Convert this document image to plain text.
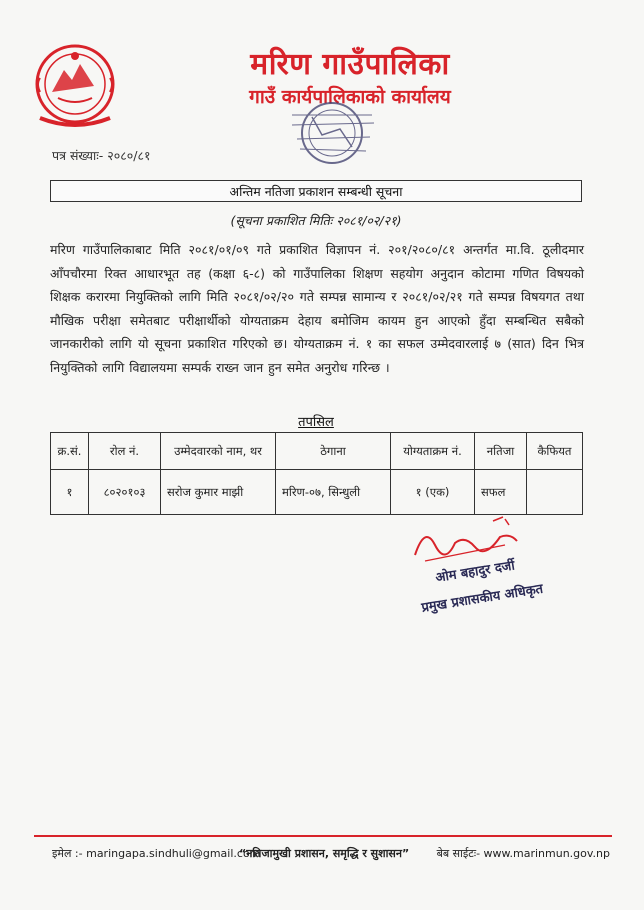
मरिण गाउँपालिका
गाउँ कार्यपालिकाको कार्यालय
पत्र संख्याः- २०८०/८१
अन्तिम नतिजा प्रकाशन सम्बन्धी सूचना
(सूचना प्रकाशित मितिः २०८१/०२/२१)
मरिण गाउँपालिकाबाट मिति २०८१/०१/०९ गते प्रकाशित विज्ञापन नं. २०१/२०८०/८१ अन्तर्गत मा.वि. ठूलीदमार आँपचौरमा रिक्त आधारभूत तह (कक्षा ६-८) को गाउँपालिका शिक्षण सहयोग अनुदान कोटामा गणित विषयको शिक्षक करारमा नियुक्तिको लागि मिति २०८१/०२/२० गते सम्पन्न सामान्य र २०८१/०२/२१ गते सम्पन्न विषयगत तथा मौखिक परीक्षा समेतबाट परीक्षार्थीको योग्यताक्रम देहाय बमोजिम कायम हुन आएको हुँदा सम्बन्धित सबैको जानकारीको लागि यो सूचना प्रकाशित गरिएको छ। योग्यताक्रम नं. १ का सफल उम्मेदवारलाई ७ (सात) दिन भित्र नियुक्तिको लागि विद्यालयमा सम्पर्क राख्न जान हुन समेत अनुरोध गरिन्छ ।
तपसिल
क्र.सं.	रोल नं.	उम्मेदवारको नाम, थर	ठेगाना	योग्यताक्रम नं.	नतिजा	कैफियत
१	८०२०१०३	सरोज कुमार माझी	मरिण-०७, सिन्धुली	१ (एक)	सफल	
ओम बहादुर दर्जी
प्रमुख प्रशासकीय अधिकृत
इमेल :- maringapa.sindhuli@gmail.com
“नतिजामुखी प्रशासन, समृद्धि र सुशासन” बेब साईटः- www.marinmun.gov.np
